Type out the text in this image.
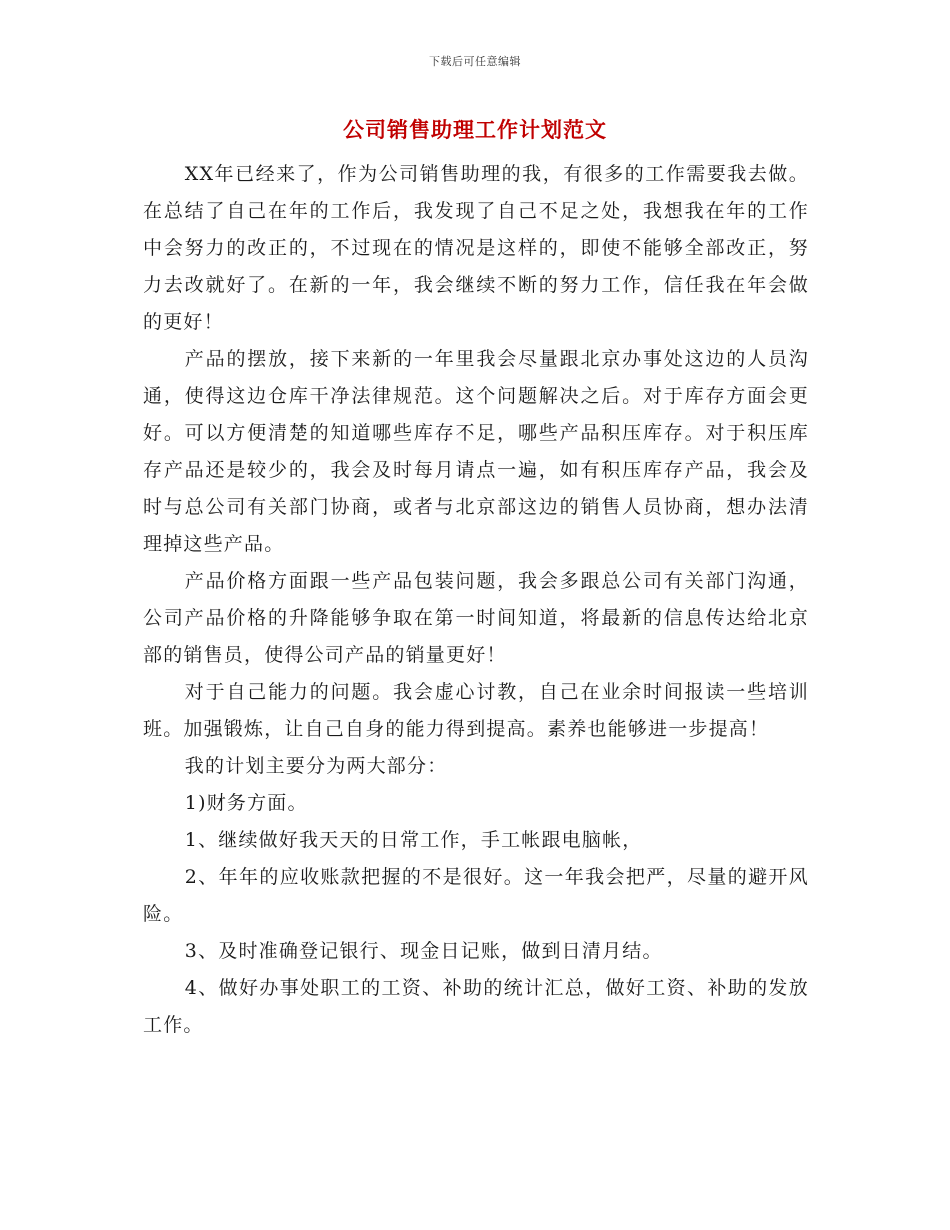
下载后可任意编辑
公司销售助理工作计划范文

XX年已经来了，作为公司销售助理的我，有很多的工作需要我去做。在总结了自己在年的工作后，我发现了自己不足之处，我想我在年的工作中会努力的改正的，不过现在的情况是这样的，即使不能够全部改正，努力去改就好了。在新的一年，我会继续不断的努力工作，信任我在年会做的更好！

产品的摆放，接下来新的一年里我会尽量跟北京办事处这边的人员沟通，使得这边仓库干净法律规范。这个问题解决之后。对于库存方面会更好。可以方便清楚的知道哪些库存不足，哪些产品积压库存。对于积压库存产品还是较少的，我会及时每月请点一遍，如有积压库存产品，我会及时与总公司有关部门协商，或者与北京部这边的销售人员协商，想办法清理掉这些产品。

产品价格方面跟一些产品包装问题，我会多跟总公司有关部门沟通，公司产品价格的升降能够争取在第一时间知道，将最新的信息传达给北京部的销售员，使得公司产品的销量更好！

对于自己能力的问题。我会虚心讨教，自己在业余时间报读一些培训班。加强锻炼，让自己自身的能力得到提高。素养也能够进一步提高！

我的计划主要分为两大部分：

1)财务方面。

1、继续做好我天天的日常工作，手工帐跟电脑帐，

2、年年的应收账款把握的不是很好。这一年我会把严，尽量的避开风险。

3、及时准确登记银行、现金日记账，做到日清月结。

4、做好办事处职工的工资、补助的统计汇总，做好工资、补助的发放工作。
